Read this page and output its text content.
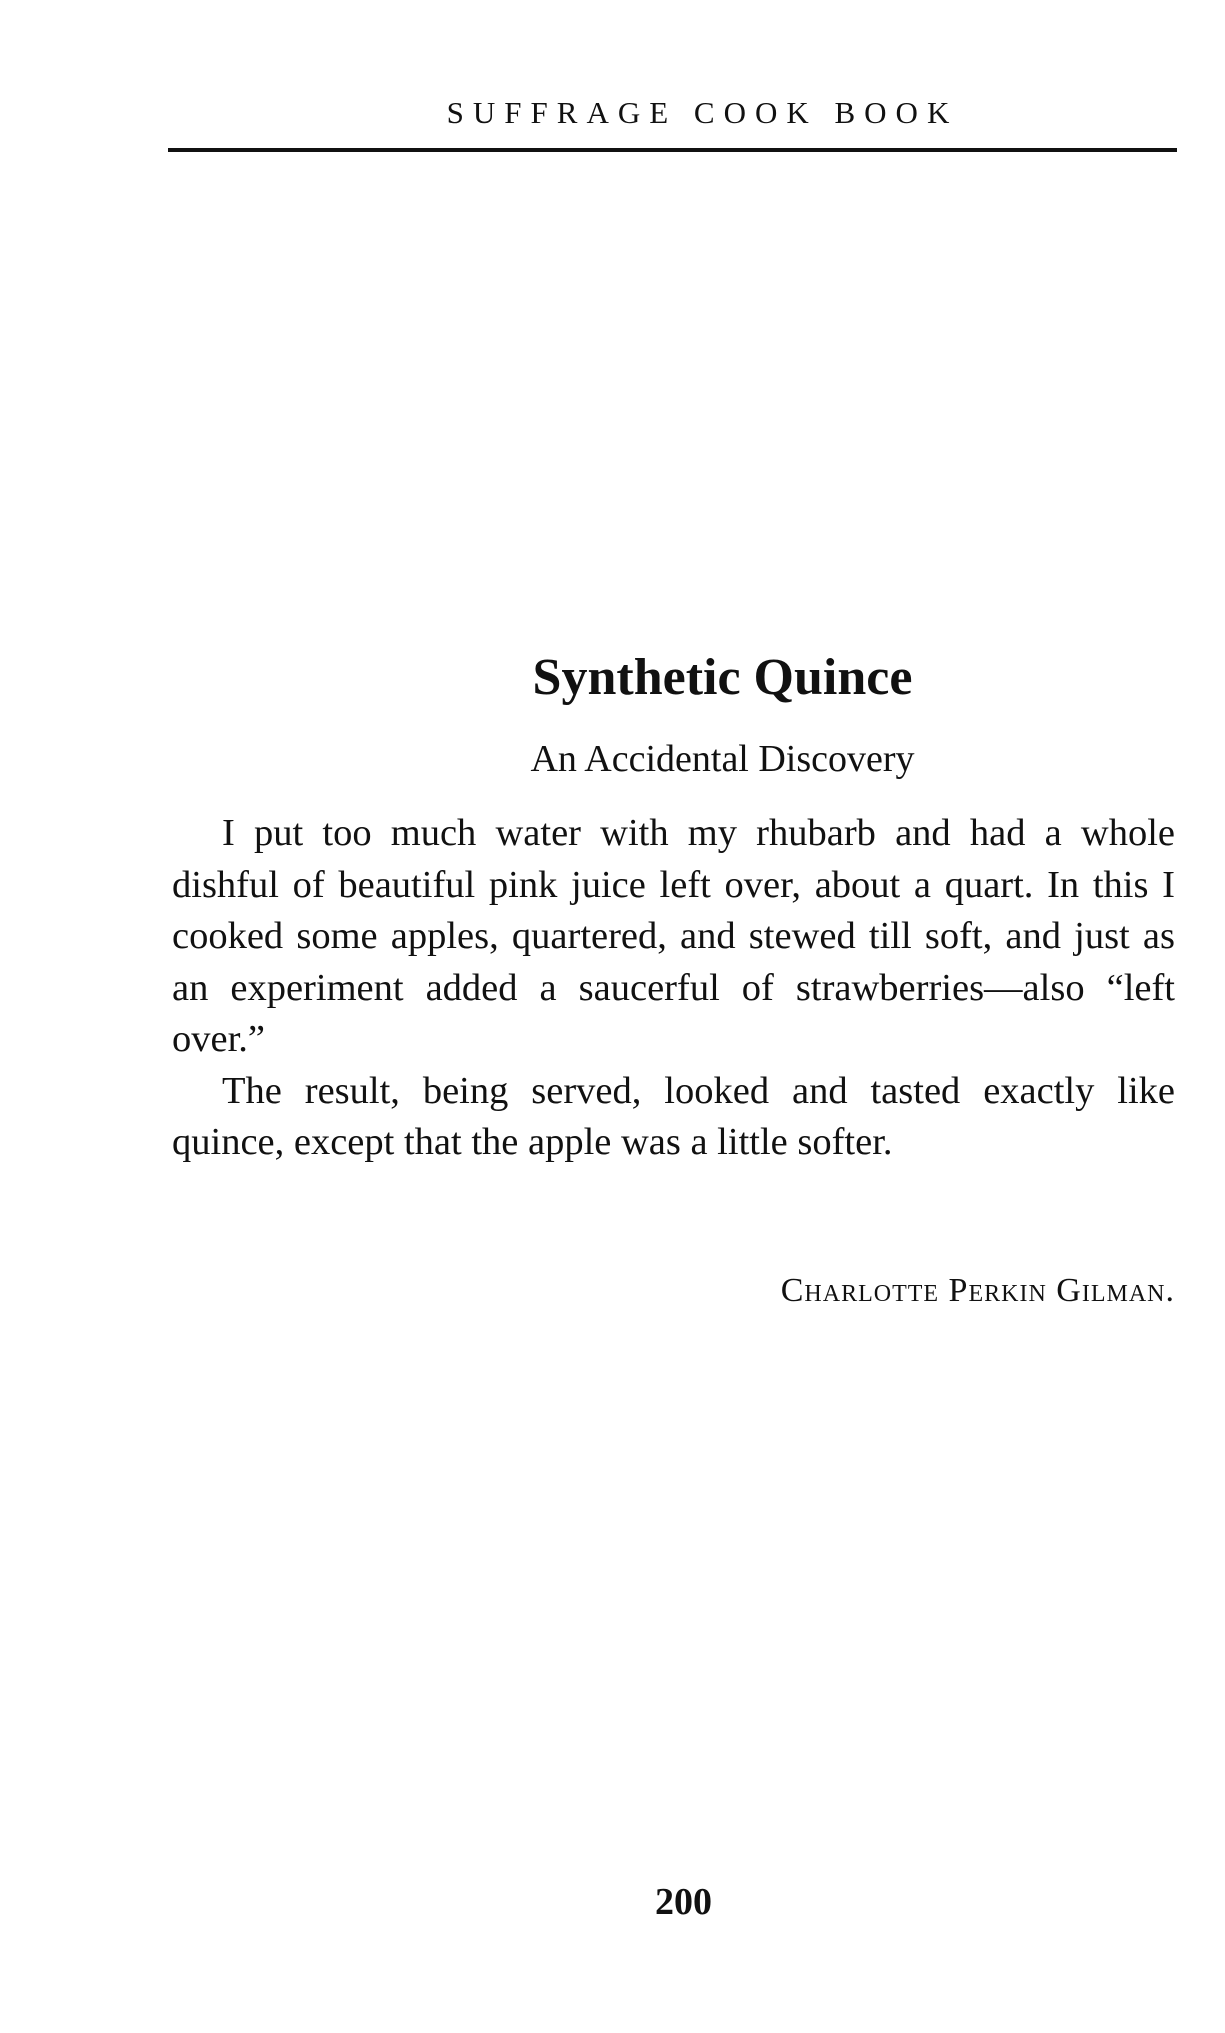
SUFFRAGE COOK BOOK
Synthetic Quince
An Accidental Discovery

I put too much water with my rhubarb and had a whole dishful of beautiful pink juice left over, about a quart. In this I cooked some apples, quartered, and stewed till soft, and just as an experiment added a saucerful of strawberries—also “left over.”

The result, being served, looked and tasted exactly like quince, except that the apple was a little softer.

Charlotte Perkin Gilman.
200
